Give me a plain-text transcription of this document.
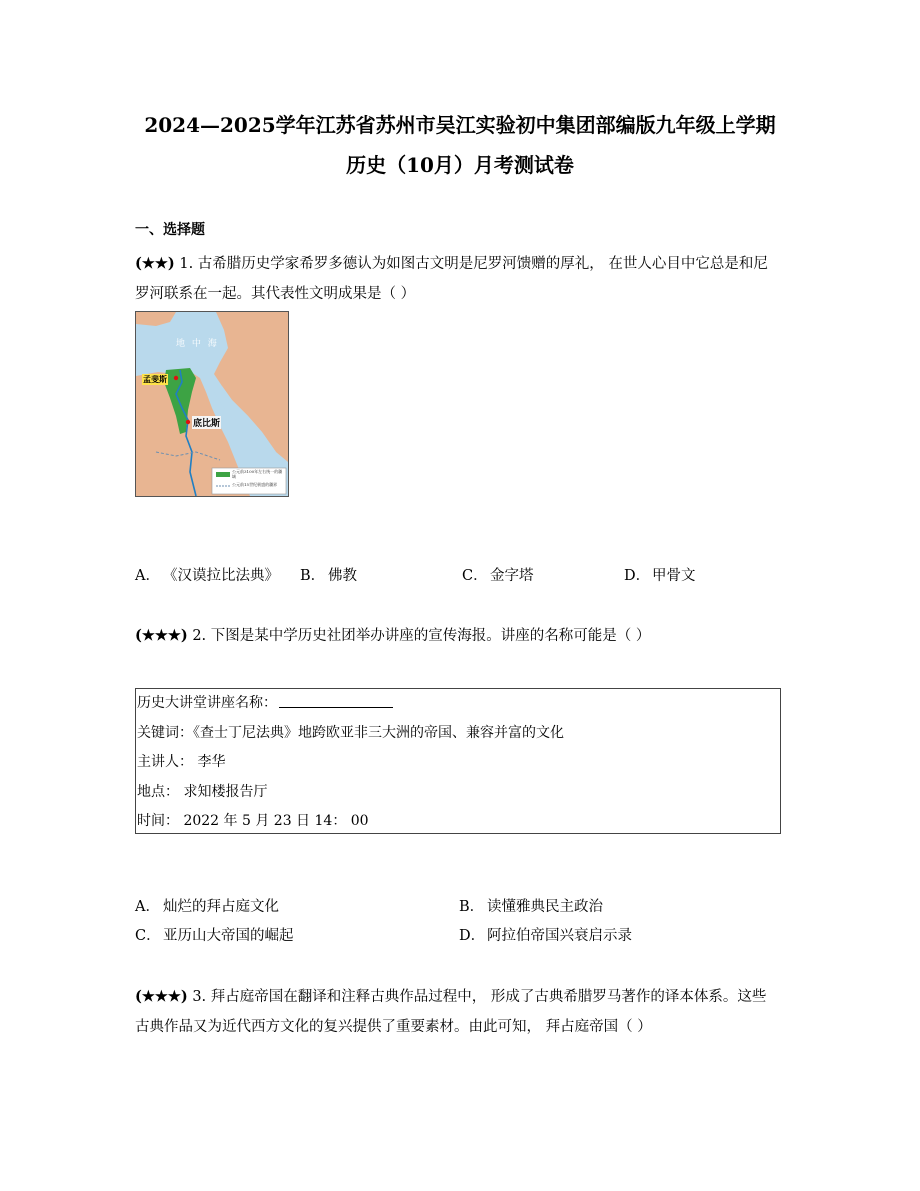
2024—2025学年江苏省苏州市吴江实验初中集团部编版九年级上学期
历史（10月）月考测试卷
一、选择题
(★★) 1. 古希腊历史学家希罗多德认为如图古文明是尼罗河馈赠的厚礼， 在世人心目中它总是和尼
罗河联系在一起。其代表性文明成果是（ ）
地 中 海
孟斐斯
底比斯
公元前3100年左右统一的疆域
公元前15世纪极盛的疆界
A． 《汉谟拉比法典》 B． 佛教	C． 金字塔	D． 甲骨文
(★★★) 2. 下图是某中学历史社团举办讲座的宣传海报。讲座的名称可能是（ ）
历史大讲堂讲座名称：
关键词：《查士丁尼法典》地跨欧亚非三大洲的帝国、兼容并富的文化
主讲人： 李华
地点： 求知楼报告厅
时间： 2022 年 5 月 23 日 14： 00
A． 灿烂的拜占庭文化	B． 读懂雅典民主政治
C． 亚历山大帝国的崛起	D． 阿拉伯帝国兴衰启示录
(★★★) 3. 拜占庭帝国在翻译和注释古典作品过程中， 形成了古典希腊罗马著作的译本体系。这些
古典作品又为近代西方文化的复兴提供了重要素材。由此可知， 拜占庭帝国（ ）
